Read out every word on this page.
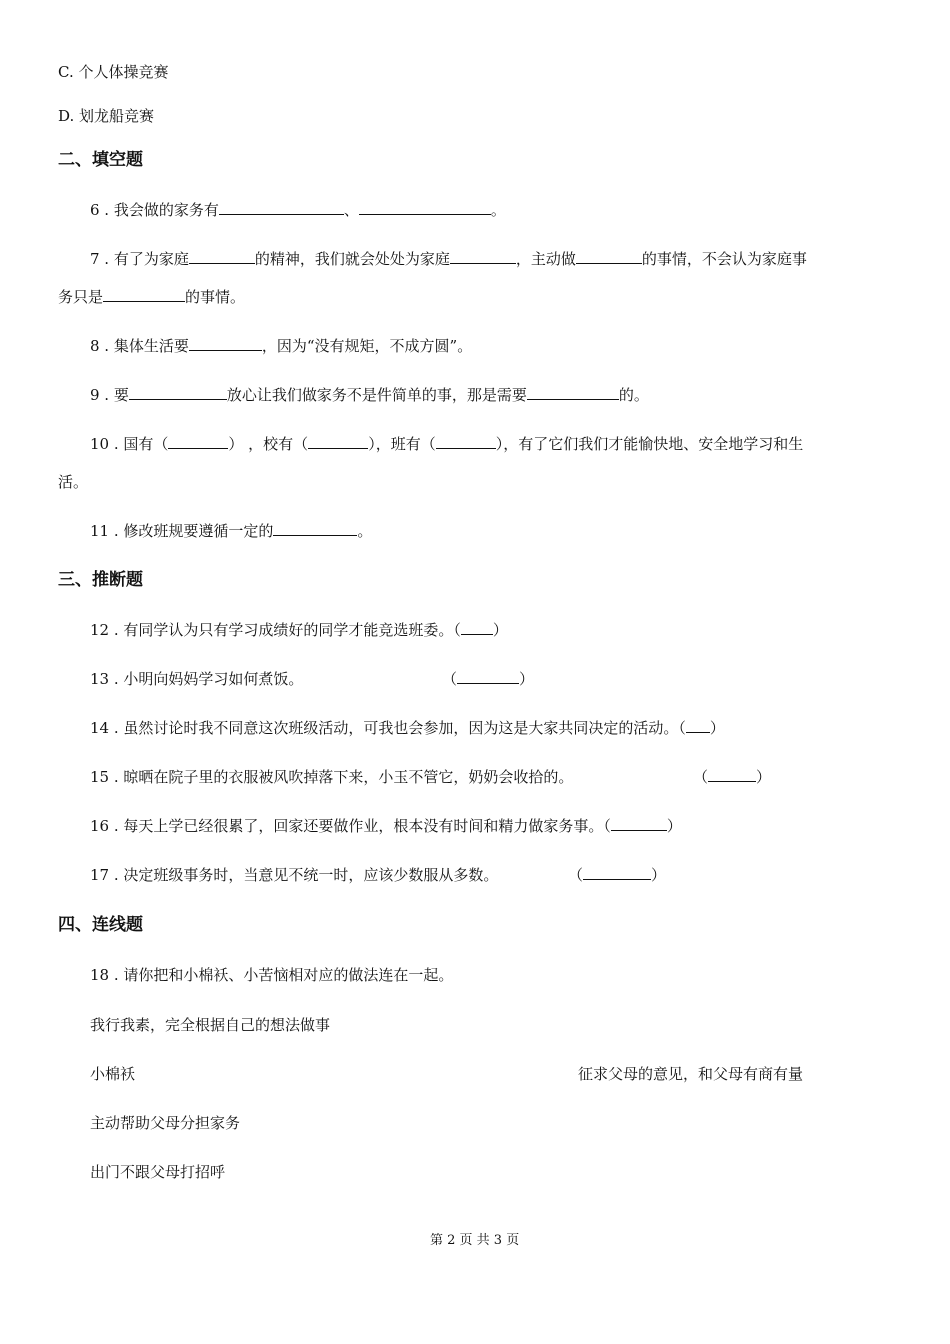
C. 个人体操竞赛
D. 划龙船竞赛
二、填空题
6 . 我会做的家务有	、	。
7 . 有了为家庭	的精神，我们就会处处为家庭	，主动做	的事情，不会认为家庭事
务只是	的事情。
8 . 集体生活要	，因为“没有规矩，不成方圆”。
9 . 要	放心让我们做家务不是件简单的事，那是需要	的。
10 . 国有（	） ，校有（	），班有（	），有了它们我们才能愉快地、安全地学习和生
活。
11 . 修改班规要遵循一定的	。
三、推断题
12 . 有同学认为只有学习成绩好的同学才能竞选班委。（ ）
13 . 小明向妈妈学习如何煮饭。	（	）
14 . 虽然讨论时我不同意这次班级活动，可我也会参加，因为这是大家共同决定的活动。（ ）
15 . 晾晒在院子里的衣服被风吹掉落下来，小玉不管它，奶奶会收拾的。	（	）
16 . 每天上学已经很累了，回家还要做作业，根本没有时间和精力做家务事。（	）
17 . 决定班级事务时，当意见不统一时，应该少数服从多数。	（	）
四、连线题
18 . 请你把和小棉袄、小苦恼相对应的做法连在一起。
我行我素，完全根据自己的想法做事
小棉袄	征求父母的意见，和父母有商有量
主动帮助父母分担家务
出门不跟父母打招呼
第 2 页 共 3 页
